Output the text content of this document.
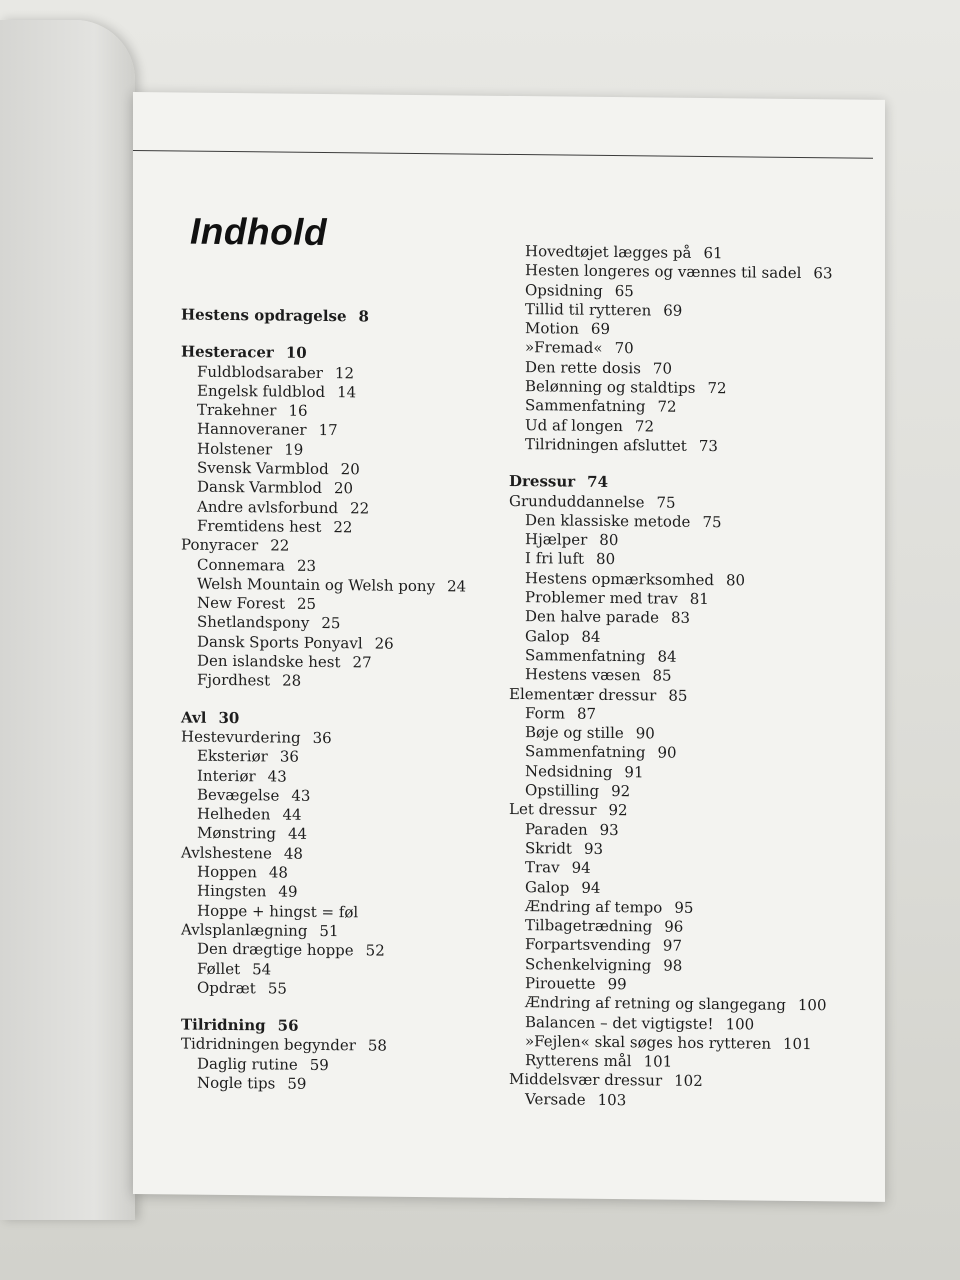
Indhold
Hestens opdragelse 8
Hesteracer 10
Fuldblodsaraber 12
Engelsk fuldblod 14
Trakehner 16
Hannoveraner 17
Holstener 19
Svensk Varmblod 20
Dansk Varmblod 20
Andre avlsforbund 22
Fremtidens hest 22
Ponyracer 22
Connemara 23
Welsh Mountain og Welsh pony 24
New Forest 25
Shetlandspony 25
Dansk Sports Ponyavl 26
Den islandske hest 27
Fjordhest 28
Avl 30
Hestevurdering 36
Eksteriør 36
Interiør 43
Bevægelse 43
Helheden 44
Mønstring 44
Avlshestene 48
Hoppen 48
Hingsten 49
Hoppe + hingst = føl
Avlsplanlægning 51
Den drægtige hoppe 52
Føllet 54
Opdræt 55
Tilridning 56
Tidridningen begynder 58
Daglig rutine 59
Nogle tips 59
Hovedtøjet lægges på 61
Hesten longeres og vænnes til sadel 63
Opsidning 65
Tillid til rytteren 69
Motion 69
»Fremad« 70
Den rette dosis 70
Belønning og staldtips 72
Sammenfatning 72
Ud af longen 72
Tilridningen afsluttet 73
Dressur 74
Grunduddannelse 75
Den klassiske metode 75
Hjælper 80
I fri luft 80
Hestens opmærksomhed 80
Problemer med trav 81
Den halve parade 83
Galop 84
Sammenfatning 84
Hestens væsen 85
Elementær dressur 85
Form 87
Bøje og stille 90
Sammenfatning 90
Nedsidning 91
Opstilling 92
Let dressur 92
Paraden 93
Skridt 93
Trav 94
Galop 94
Ændring af tempo 95
Tilbagetrædning 96
Forpartsvending 97
Schenkelvigning 98
Pirouette 99
Ændring af retning og slangegang 100
Balancen – det vigtigste! 100
»Fejlen« skal søges hos rytteren 101
Rytterens mål 101
Middelsvær dressur 102
Versade 103
